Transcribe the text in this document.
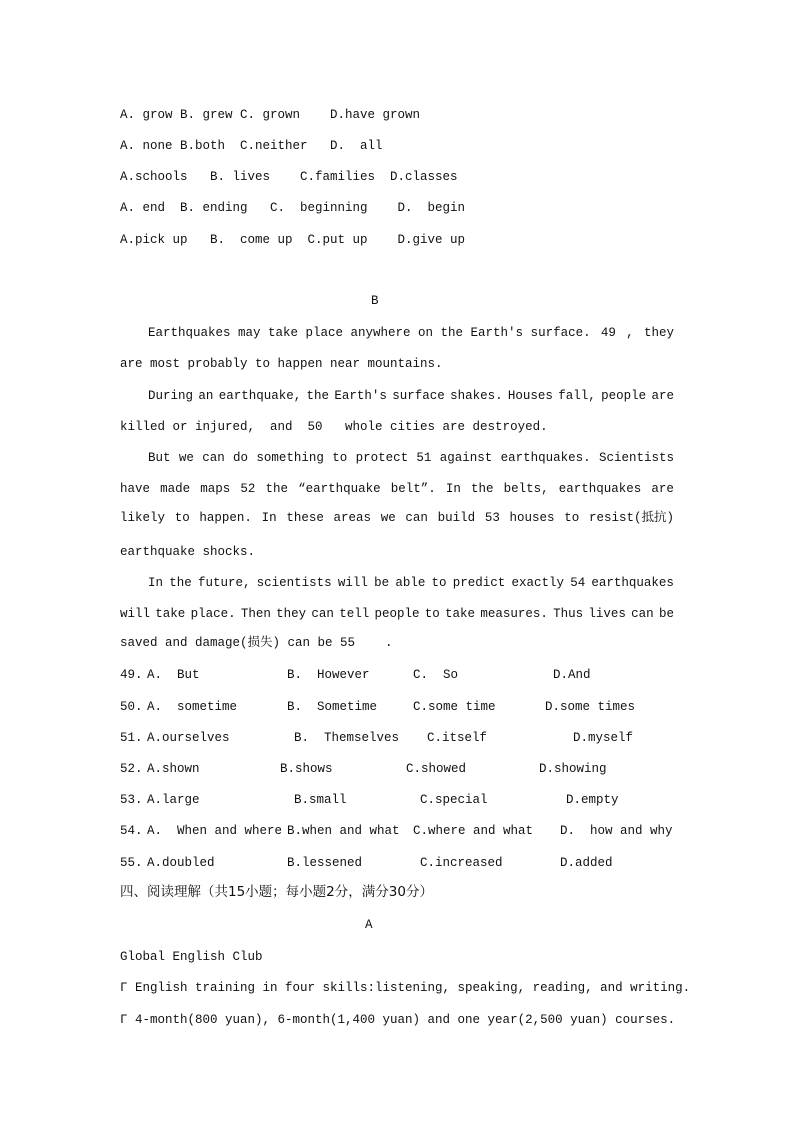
A. grow B. grew C. grown    D.have grown
A. none B.both  C.neither   D.  all
A.schools   B. lives    C.families  D.classes
A. end  B. ending   C.  beginning    D.  begin
A.pick up   B.  come up  C.put up    D.give up
B
Earthquakes may take place anywhere on the Earth's surface. 49 , they
are most probably to happen near mountains.
During an earthquake, the Earth's surface shakes. Houses fall, people are
killed or injured,  and  50   whole cities are destroyed.
But we can do something to protect 51 against earthquakes. Scientists
have made maps 52 the “earthquake belt”. In the belts, earthquakes are
likely to happen. In these areas we can build 53 houses to resist(抵抗)
earthquake shocks.
In the future, scientists will be able to predict exactly 54 earthquakes
will take place. Then they can tell people to take measures. Thus lives can be
saved and damage(损失) can be 55    .

49.

A.  But

	B.  However

	C.  So

	D.And

50.

A.  sometime

	B.  Sometime

	C.some time

	D.some times

51.

A.ourselves

	B.  Themselves

C.itself

	D.myself

52.

A.shown

	B.shows

	C.showed

	D.showing

53.

A.large

	B.small

	C.special

	D.empty

54.

A.  When and where

B.when and what

C.where and what

D.  how and why

55.

A.doubled

	B.lessened

	C.increased

	D.added

四、阅读理解（共15小题；每小题2分，满分30分）
A
Global English Club
Γ English training in four skills:listening, speaking, reading, and writing.
Γ 4-month(800 yuan), 6-month(1,400 yuan) and one year(2,500 yuan) courses.
